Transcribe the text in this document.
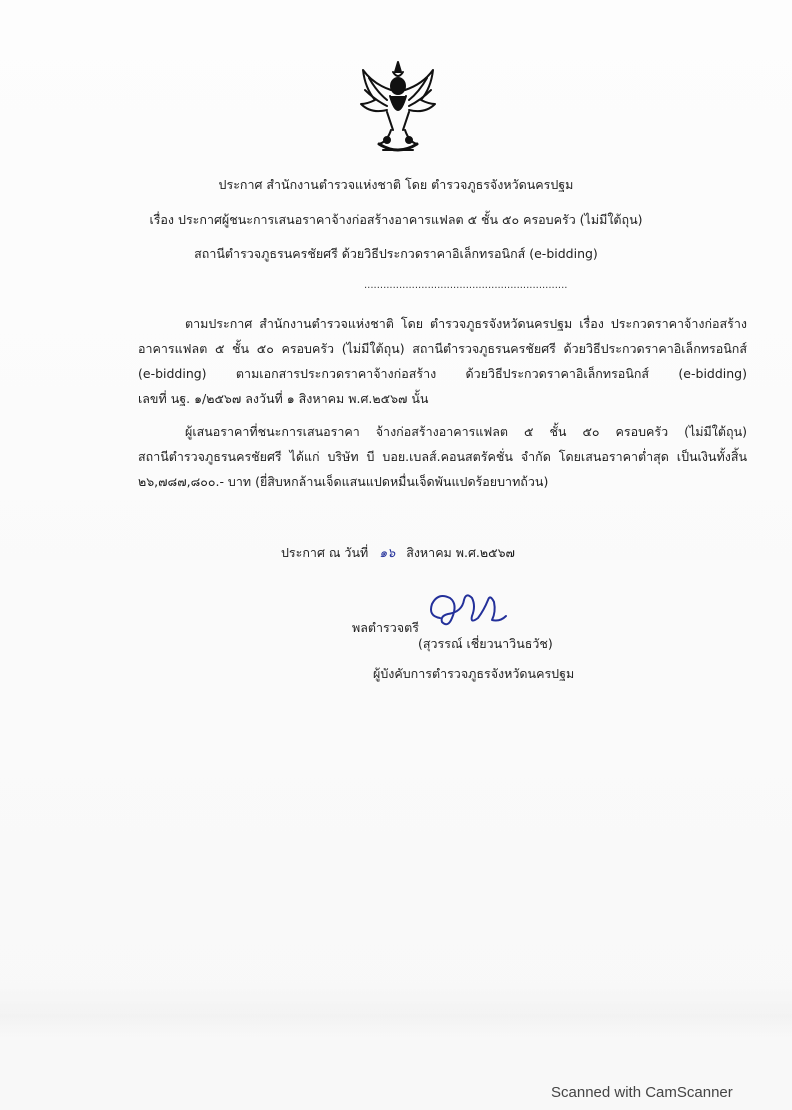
ประกาศ สำนักงานตำรวจแห่งชาติ โดย ตำรวจภูธรจังหวัดนครปฐม
เรื่อง ประกาศผู้ชนะการเสนอราคาจ้างก่อสร้างอาคารแฟลต ๕ ชั้น ๕๐ ครอบครัว (ไม่มีใต้ถุน)
สถานีตำรวจภูธรนครชัยศรี ด้วยวิธีประกวดราคาอิเล็กทรอนิกส์ (e-bidding)
................................................................
ตามประกาศ สำนักงานตำรวจแห่งชาติ โดย ตำรวจภูธรจังหวัดนครปฐม เรื่อง ประกวดราคาจ้างก่อสร้าง
อาคารแฟลต ๕ ชั้น ๕๐ ครอบครัว (ไม่มีใต้ถุน) สถานีตำรวจภูธรนครชัยศรี ด้วยวิธีประกวดราคาอิเล็กทรอนิกส์
(e-bidding) ตามเอกสารประกวดราคาจ้างก่อสร้าง ด้วยวิธีประกวดราคาอิเล็กทรอนิกส์ (e-bidding)
เลขที่ นฐ. ๑/๒๕๖๗ ลงวันที่ ๑ สิงหาคม พ.ศ.๒๕๖๗ นั้น
ผู้เสนอราคาที่ชนะการเสนอราคา จ้างก่อสร้างอาคารแฟลต ๕ ชั้น ๕๐ ครอบครัว (ไม่มีใต้ถุน)
สถานีตำรวจภูธรนครชัยศรี ได้แก่ บริษัท บี บอย.เบลส์.คอนสตรัคชั่น จำกัด โดยเสนอราคาต่ำสุด เป็นเงินทั้งสิ้น
๒๖,๗๘๗,๘๐๐.- บาท (ยี่สิบหกล้านเจ็ดแสนแปดหมื่นเจ็ดพันแปดร้อยบาทถ้วน)
ประกาศ ณ วันที่ ๑๖ สิงหาคม พ.ศ.๒๕๖๗
พลตำรวจตรี
(สุวรรณ์ เชี่ยวนาวินธวัช)
ผู้บังคับการตำรวจภูธรจังหวัดนครปฐม
Scanned with CamScanner
